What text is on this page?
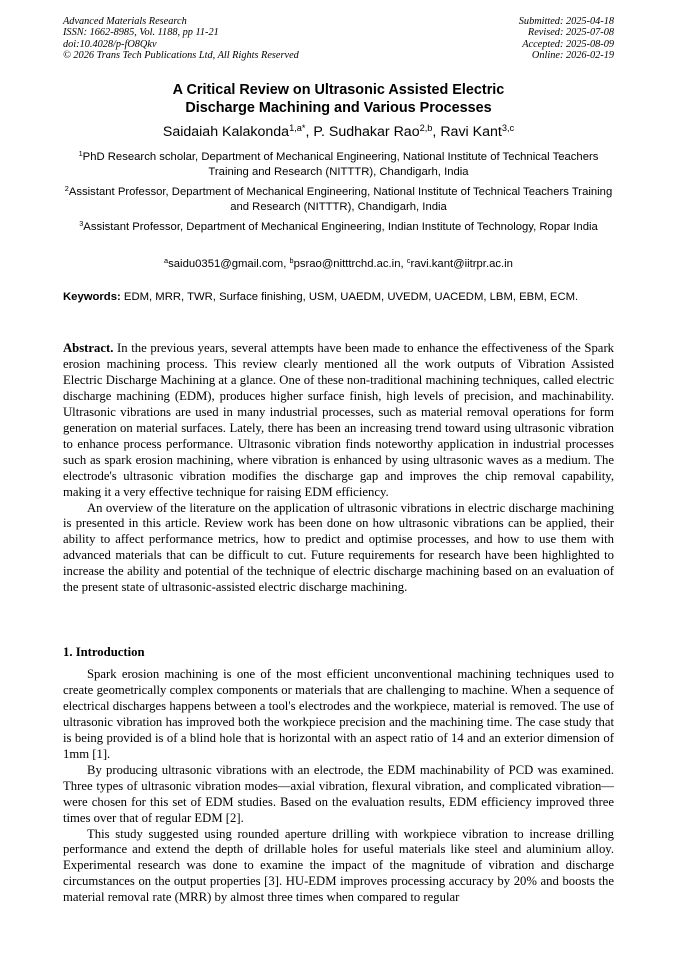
Advanced Materials Research
ISSN: 1662-8985, Vol. 1188, pp 11-21
doi:10.4028/p-fO8Qkv
© 2026 Trans Tech Publications Ltd, All Rights Reserved
Submitted: 2025-04-18
Revised: 2025-07-08
Accepted: 2025-08-09
Online: 2026-02-19
A Critical Review on Ultrasonic Assisted Electric
Discharge Machining and Various Processes
Saidaiah Kalakonda$^{1,a*}$, P. Sudhakar Rao$^{2,b}$, Ravi Kant$^{3,c}$
$^1$PhD Research scholar, Department of Mechanical Engineering, National Institute of Technical Teachers Training and Research (NITTTR), Chandigarh, India
$^2$Assistant Professor, Department of Mechanical Engineering, National Institute of Technical Teachers Training and Research (NITTTR), Chandigarh, India
$^3$Assistant Professor, Department of Mechanical Engineering, Indian Institute of Technology, Ropar India
$^a$saidu0351@gmail.com, $^b$psrao@nitttrchd.ac.in, $^c$ravi.kant@iitrpr.ac.in
Keywords: EDM, MRR, TWR, Surface finishing, USM, UAEDM, UVEDM, UACEDM, LBM, EBM, ECM.

Abstract. In the previous years, several attempts have been made to enhance the effectiveness of the Spark erosion machining process. This review clearly mentioned all the work outputs of Vibration Assisted Electric Discharge Machining at a glance. One of these non-traditional machining techniques, called electric discharge machining (EDM), produces higher surface finish, high levels of precision, and machinability. Ultrasonic vibrations are used in many industrial processes, such as material removal operations for form generation on material surfaces. Lately, there has been an increasing trend toward using ultrasonic vibration to enhance process performance. Ultrasonic vibration finds noteworthy application in industrial processes such as spark erosion machining, where vibration is enhanced by using ultrasonic waves as a medium. The electrode's ultrasonic vibration modifies the discharge gap and improves the chip removal capability, making it a very effective technique for raising EDM efficiency.

An overview of the literature on the application of ultrasonic vibrations in electric discharge machining is presented in this article. Review work has been done on how ultrasonic vibrations can be applied, their ability to affect performance metrics, how to predict and optimise processes, and how to use them with advanced materials that can be difficult to cut. Future requirements for research have been highlighted to increase the ability and potential of the technique of electric discharge machining based on an evaluation of the present state of ultrasonic-assisted electric discharge machining.

1. Introduction

Spark erosion machining is one of the most efficient unconventional machining techniques used to create geometrically complex components or materials that are challenging to machine. When a sequence of electrical discharges happens between a tool's electrodes and the workpiece, material is removed. The use of ultrasonic vibration has improved both the workpiece precision and the machining time. The case study that is being provided is of a blind hole that is horizontal with an aspect ratio of 14 and an exterior dimension of 1mm [1].

By producing ultrasonic vibrations with an electrode, the EDM machinability of PCD was examined. Three types of ultrasonic vibration modes—axial vibration, flexural vibration, and complicated vibration—were chosen for this set of EDM studies. Based on the evaluation results, EDM efficiency improved three times over that of regular EDM [2].

This study suggested using rounded aperture drilling with workpiece vibration to increase drilling performance and extend the depth of drillable holes for useful materials like steel and aluminium alloy. Experimental research was done to examine the impact of the magnitude of vibration and discharge circumstances on the output properties [3]. HU-EDM improves processing accuracy by 20% and boosts the material removal rate (MRR) by almost three times when compared to regular
